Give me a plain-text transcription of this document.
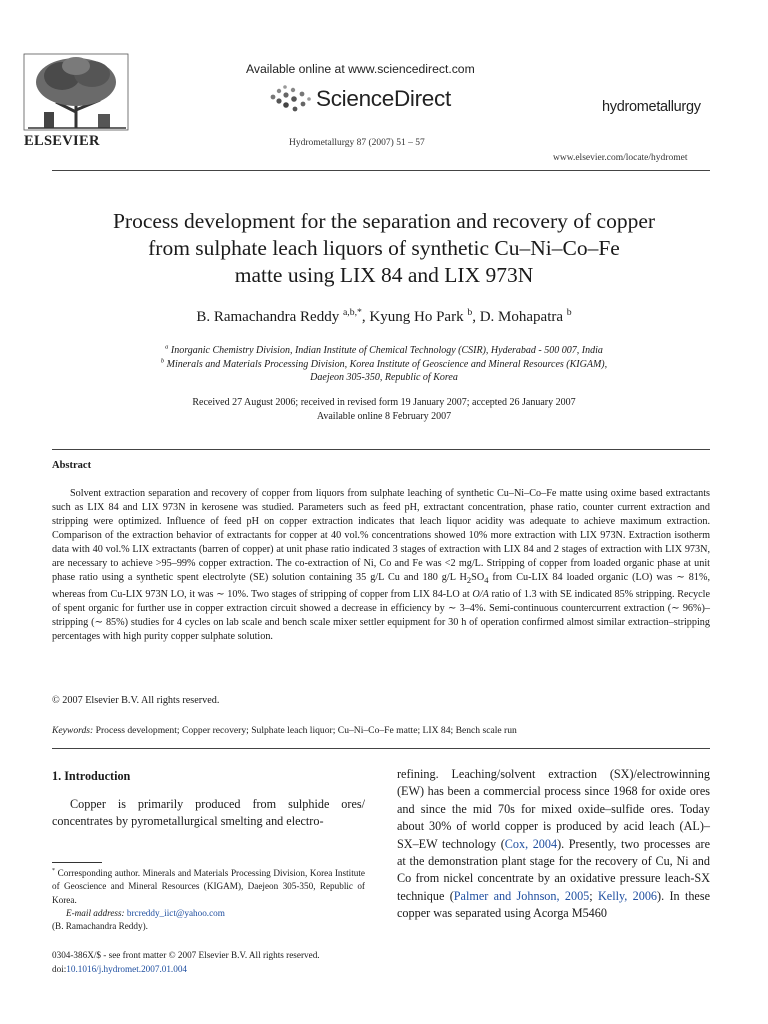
ELSEVIER
Available online at www.sciencedirect.com
ScienceDirect
Hydrometallurgy 87 (2007) 51 – 57
hydrometallurgy
www.elsevier.com/locate/hydromet
Process development for the separation and recovery of copper
from sulphate leach liquors of synthetic Cu–Ni–Co–Fe
matte using LIX 84 and LIX 973N
B. Ramachandra Reddy $^{a,b,*}$, Kyung Ho Park $^b$, D. Mohapatra $^b$
$^a$ Inorganic Chemistry Division, Indian Institute of Chemical Technology (CSIR), Hyderabad - 500 007, India
$^b$ Minerals and Materials Processing Division, Korea Institute of Geoscience and Mineral Resources (KIGAM),
Daejeon 305-350, Republic of Korea
Received 27 August 2006; received in revised form 19 January 2007; accepted 26 January 2007
Available online 8 February 2007
Abstract
Solvent extraction separation and recovery of copper from liquors from sulphate leaching of synthetic Cu–Ni–Co–Fe matte using oxime based extractants such as LIX 84 and LIX 973N in kerosene was studied. Parameters such as feed pH, extractant concentration, phase ratio, counter current extraction and stripping were optimized. Influence of feed pH on copper extraction indicates that leach liquor acidity was adequate to achieve maximum extraction. Comparison of the extraction behavior of extractants for copper at 40 vol.% concentrations showed 10% more extraction with LIX 973N. Extraction isotherm data with 40 vol.% LIX extractants (barren of copper) at unit phase ratio indicated 3 stages of extraction with LIX 84 and 2 stages of extraction with LIX 973N, are necessary to achieve >95–99% copper extraction. The co-extraction of Ni, Co and Fe was <2 mg/L. Stripping of copper from loaded organic phase at unit phase ratio using a synthetic spent electrolyte (SE) solution containing 35 g/L Cu and 180 g/L $H_2SO_4$ from Cu-LIX 84 loaded organic (LO) was ∼ 81%, whereas from Cu-LIX 973N LO, it was ∼ 10%. Two stages of stripping of copper from LIX 84-LO at O/A ratio of 1.3 with SE indicated 85% stripping. Recycle of spent organic for further use in copper extraction circuit showed a decrease in efficiency by ∼ 3–4%. Semi-continuous countercurrent extraction (∼ 96%)–stripping (∼ 85%) studies for 4 cycles on lab scale and bench scale mixer settler equipment for 30 h of operation confirmed almost similar extraction–stripping percentages with high purity copper sulphate solution.
© 2007 Elsevier B.V. All rights reserved.
Keywords: Process development; Copper recovery; Sulphate leach liquor; Cu–Ni–Co–Fe matte; LIX 84; Bench scale run
1. Introduction
Copper is primarily produced from sulphide ores/ concentrates by pyrometallurgical smelting and electro-
refining. Leaching/solvent extraction (SX)/electrowinning (EW) has been a commercial process since 1968 for oxide ores and since the mid 70s for mixed oxide–sulfide ores. Today about 30% of world copper is produced by acid leach (AL)–SX–EW technology (Cox, 2004). Presently, two processes are at the demonstration plant stage for the recovery of Cu, Ni and Co from nickel concentrate by an oxidative pressure leach-SX technique (Palmer and Johnson, 2005; Kelly, 2006). In these copper was separated using Acorga M5460
* Corresponding author. Minerals and Materials Processing Division, Korea Institute of Geoscience and Mineral Resources (KIGAM), Daejeon 305-350, Republic of Korea.
E-mail address: brcreddy_iict@yahoo.com
(B. Ramachandra Reddy).
0304-386X/$ - see front matter © 2007 Elsevier B.V. All rights reserved.
doi:10.1016/j.hydromet.2007.01.004
